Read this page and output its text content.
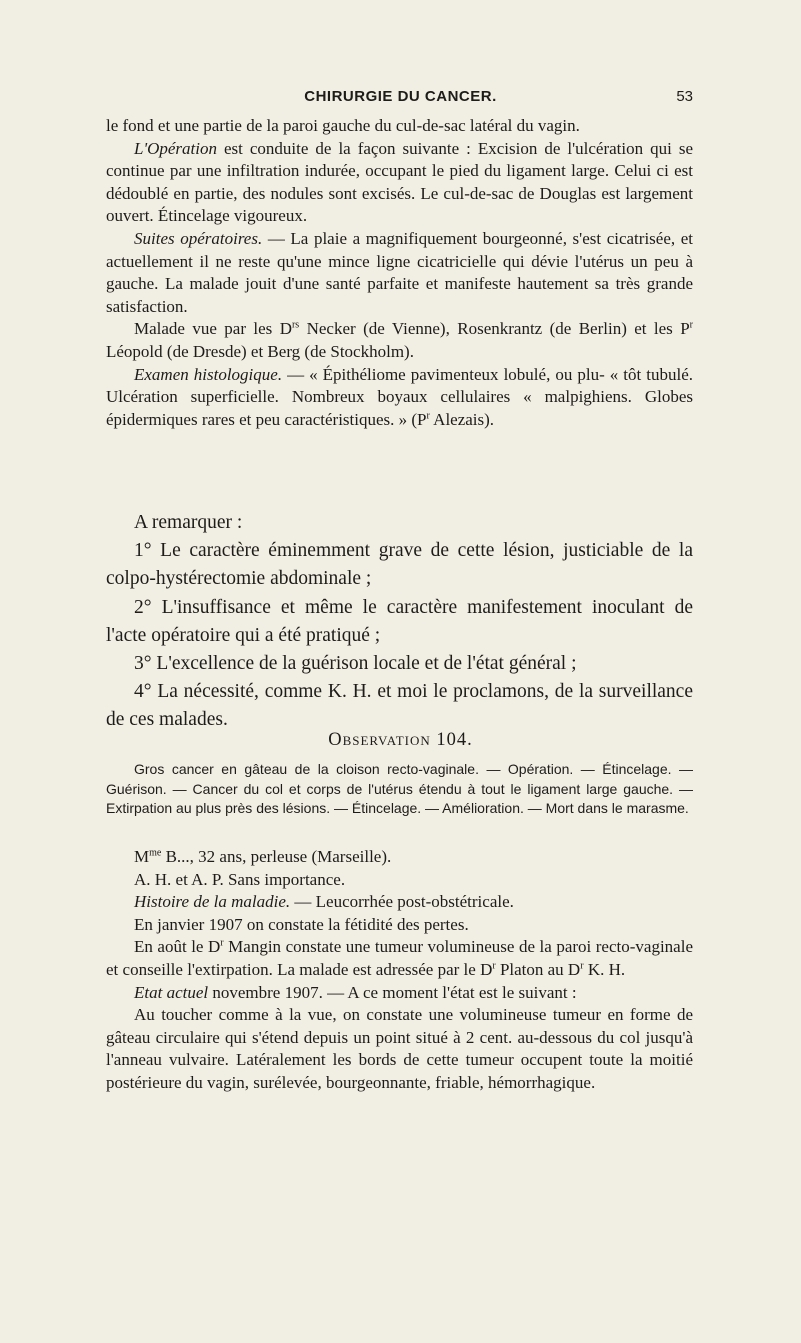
CHIRURGIE DU CANCER.	53

le fond et une partie de la paroi gauche du cul-de-sac latéral du vagin.

L'Opération est conduite de la façon suivante : Excision de l'ulcération qui se continue par une infiltration indurée, occupant le pied du ligament large. Celui ci est dédoublé en partie, des nodules sont excisés. Le cul-de-sac de Douglas est largement ouvert. Étincelage vigoureux.

Suites opératoires. — La plaie a magnifiquement bourgeonné, s'est cicatrisée, et actuellement il ne reste qu'une mince ligne cicatricielle qui dévie l'utérus un peu à gauche. La malade jouit d'une santé parfaite et manifeste hautement sa très grande satisfaction.

Malade vue par les $D^{rs}$ Necker (de Vienne), Rosenkrantz (de Berlin) et les $P^r$ Léopold (de Dresde) et Berg (de Stockholm).

Examen histologique. — « Épithéliome pavimenteux lobulé, ou plu- « tôt tubulé. Ulcération superficielle. Nombreux boyaux cellulaires « malpighiens. Globes épidermiques rares et peu caractéristiques. » ($P^r$ Alezais).

A remarquer :

1° Le caractère éminemment grave de cette lésion, justiciable de la colpo-hystérectomie abdominale ;

2° L'insuffisance et même le caractère manifestement inoculant de l'acte opératoire qui a été pratiqué ;

3° L'excellence de la guérison locale et de l'état général ;

4° La nécessité, comme K. H. et moi le proclamons, de la surveillance de ces malades.

Observation 104.

Gros cancer en gâteau de la cloison recto-vaginale. — Opération. — Étincelage. — Guérison. — Cancer du col et corps de l'utérus étendu à tout le ligament large gauche. — Extirpation au plus près des lésions. — Étincelage. — Amélioration. — Mort dans le marasme.

$M^{me}$ B..., 32 ans, perleuse (Marseille).

A. H. et A. P. Sans importance.

Histoire de la maladie. — Leucorrhée post-obstétricale.

En janvier 1907 on constate la fétidité des pertes.

En août le $D^r$ Mangin constate une tumeur volumineuse de la paroi recto-vaginale et conseille l'extirpation. La malade est adressée par le $D^r$ Platon au $D^r$ K. H.

Etat actuel novembre 1907. — A ce moment l'état est le suivant :

Au toucher comme à la vue, on constate une volumineuse tumeur en forme de gâteau circulaire qui s'étend depuis un point situé à 2 cent. au-dessous du col jusqu'à l'anneau vulvaire. Latéralement les bords de cette tumeur occupent toute la moitié postérieure du vagin, surélevée, bourgeonnante, friable, hémorrhagique.
